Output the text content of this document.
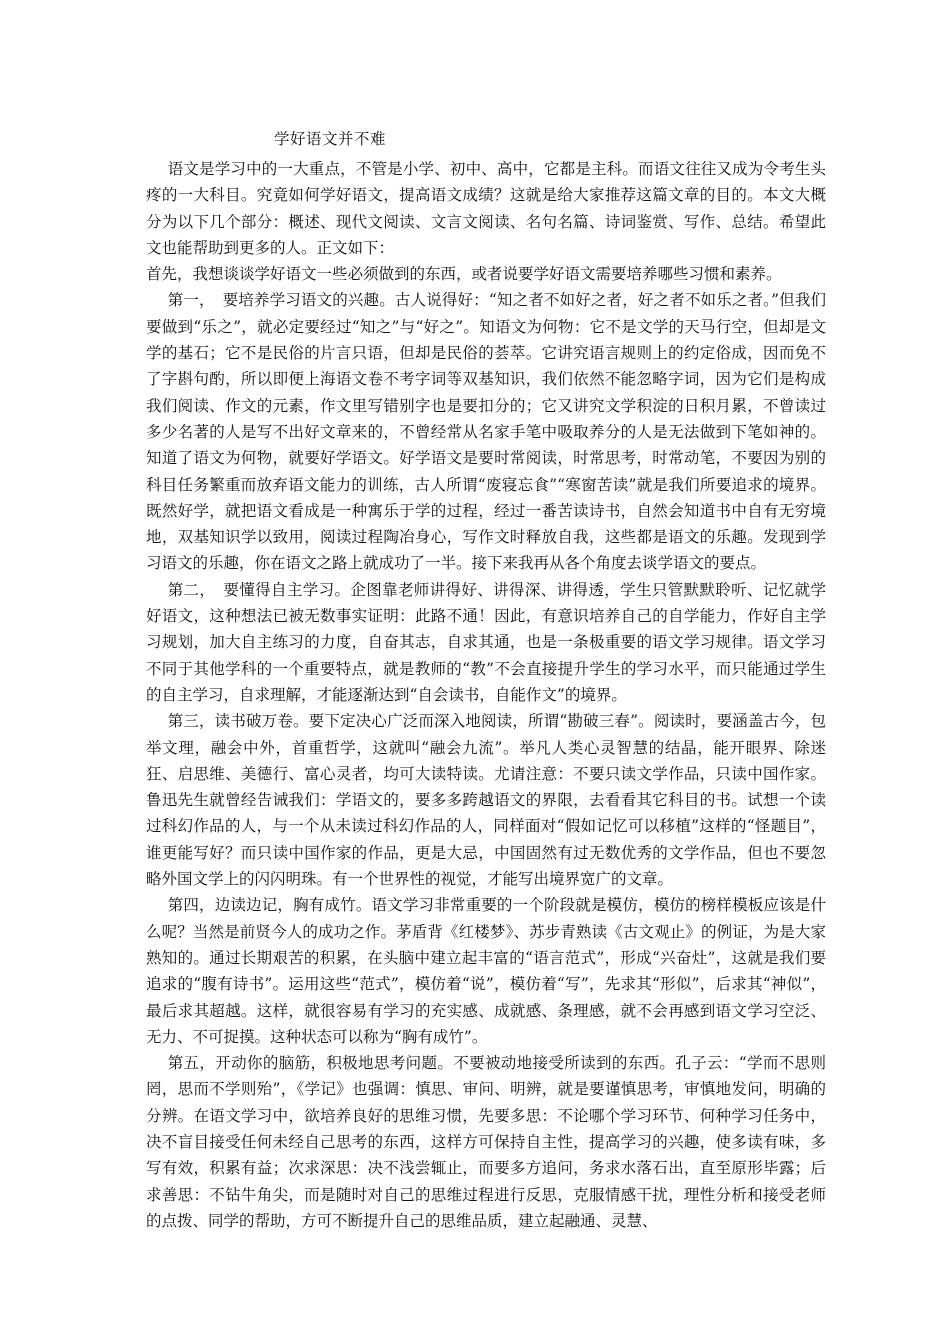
学好语文并不难

语文是学习中的一大重点，不管是小学、初中、高中，它都是主科。而语文往往又成为令考生头疼的一大科目。究竟如何学好语文，提高语文成绩？这就是给大家推荐这篇文章的目的。本文大概分为以下几个部分：概述、现代文阅读、文言文阅读、名句名篇、诗词鉴赏、写作、总结。希望此文也能帮助到更多的人。正文如下：

首先，我想谈谈学好语文一些必须做到的东西，或者说要学好语文需要培养哪些习惯和素养。

第一，　要培养学习语文的兴趣。古人说得好：“知之者不如好之者，好之者不如乐之者。”但我们要做到“乐之”，就必定要经过“知之”与“好之”。知语文为何物：它不是文学的天马行空，但却是文学的基石；它不是民俗的片言只语，但却是民俗的荟萃。它讲究语言规则上的约定俗成，因而免不了字斟句酌，所以即便上海语文卷不考字词等双基知识，我们依然不能忽略字词，因为它们是构成我们阅读、作文的元素，作文里写错别字也是要扣分的；它又讲究文学积淀的日积月累，不曾读过多少名著的人是写不出好文章来的，不曾经常从名家手笔中吸取养分的人是无法做到下笔如神的。知道了语文为何物，就要好学语文。好学语文是要时常阅读，时常思考，时常动笔，不要因为别的科目任务繁重而放弃语文能力的训练，古人所谓“废寝忘食”“寒窗苦读”就是我们所要追求的境界。既然好学，就把语文看成是一种寓乐于学的过程，经过一番苦读诗书，自然会知道书中自有无穷境地，双基知识学以致用，阅读过程陶冶身心，写作文时释放自我，这些都是语文的乐趣。发现到学习语文的乐趣，你在语文之路上就成功了一半。接下来我再从各个角度去谈学语文的要点。

第二，　要懂得自主学习。企图靠老师讲得好、讲得深、讲得透，学生只管默默聆听、记忆就学好语文，这种想法已被无数事实证明：此路不通！因此，有意识培养自己的自学能力，作好自主学习规划，加大自主练习的力度，自奋其志，自求其通，也是一条极重要的语文学习规律。语文学习不同于其他学科的一个重要特点，就是教师的“教”不会直接提升学生的学习水平，而只能通过学生的自主学习，自求理解，才能逐渐达到“自会读书，自能作文”的境界。

第三，读书破万卷。要下定决心广泛而深入地阅读，所谓“勘破三春”。阅读时，要涵盖古今，包举文理，融会中外，首重哲学，这就叫“融会九流”。举凡人类心灵智慧的结晶，能开眼界、除迷狂、启思维、美德行、富心灵者，均可大读特读。尤请注意：不要只读文学作品，只读中国作家。鲁迅先生就曾经告诫我们：学语文的，要多多跨越语文的界限，去看看其它科目的书。试想一个读过科幻作品的人，与一个从未读过科幻作品的人，同样面对“假如记忆可以移植”这样的“怪题目”，谁更能写好？而只读中国作家的作品，更是大忌，中国固然有过无数优秀的文学作品，但也不要忽略外国文学上的闪闪明珠。有一个世界性的视觉，才能写出境界宽广的文章。

第四，边读边记，胸有成竹。语文学习非常重要的一个阶段就是模仿，模仿的榜样模板应该是什么呢？当然是前贤今人的成功之作。茅盾背《红楼梦》、苏步青熟读《古文观止》的例证，为是大家熟知的。通过长期艰苦的积累，在头脑中建立起丰富的“语言范式”，形成“兴奋灶”，这就是我们要追求的“腹有诗书”。运用这些“范式”，模仿着“说”，模仿着“写”，先求其“形似”，后求其“神似”，最后求其超越。这样，就很容易有学习的充实感、成就感、条理感，就不会再感到语文学习空泛、无力、不可捉摸。这种状态可以称为“胸有成竹”。

第五，开动你的脑筋，积极地思考问题。不要被动地接受所读到的东西。孔子云：“学而不思则罔，思而不学则殆”，《学记》也强调：慎思、审问、明辨，就是要谨慎思考，审慎地发问，明确的分辨。在语文学习中，欲培养良好的思维习惯，先要多思：不论哪个学习环节、何种学习任务中，决不盲目接受任何未经自己思考的东西，这样方可保持自主性，提高学习的兴趣，使多读有味，多写有效，积累有益；次求深思：决不浅尝辄止，而要多方追问，务求水落石出，直至原形毕露；后求善思：不钻牛角尖，而是随时对自己的思维过程进行反思，克服情感干扰，理性分析和接受老师的点拨、同学的帮助，方可不断提升自己的思维品质，建立起融通、灵慧、
